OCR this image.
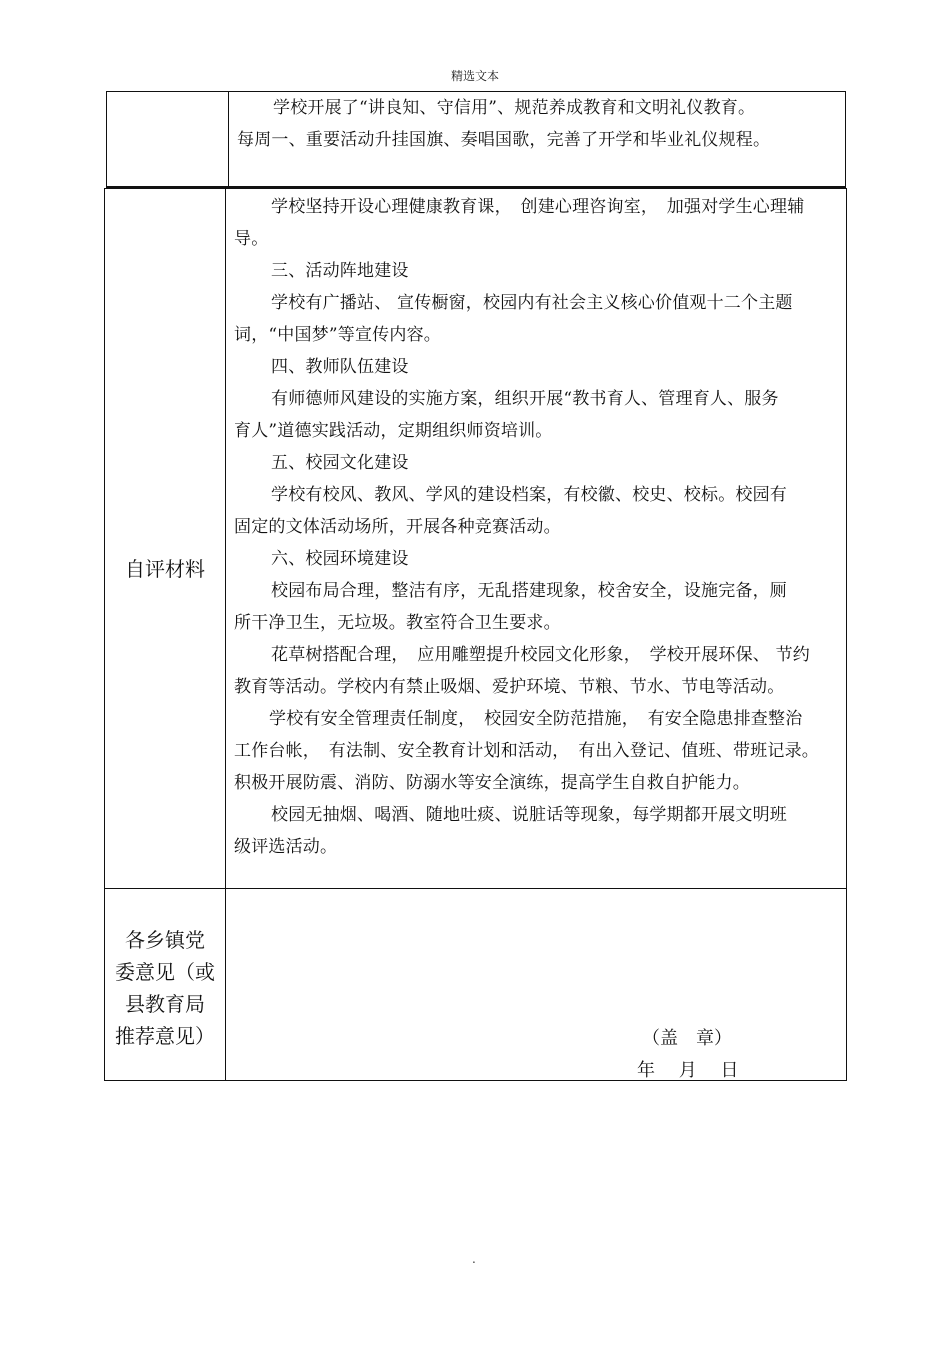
精选文本
学校开展了“讲良知、守信用”、规范养成教育和文明礼仪教育。
每周一、重要活动升挂国旗、奏唱国歌，完善了开学和毕业礼仪规程。
自评材料
学校坚持开设心理健康教育课，　创建心理咨询室，　加强对学生心理辅
导。
三、活动阵地建设
学校有广播站、 宣传橱窗，校园内有社会主义核心价值观十二个主题
词，“中国梦”等宣传内容。
四、教师队伍建设
有师德师风建设的实施方案，组织开展“教书育人、管理育人、服务
育人”道德实践活动，定期组织师资培训。
五、校园文化建设
学校有校风、教风、学风的建设档案，有校徽、校史、校标。校园有
固定的文体活动场所，开展各种竞赛活动。
六、校园环境建设
校园布局合理，整洁有序，无乱搭建现象，校舍安全，设施完备，厕
所干净卫生，无垃圾。教室符合卫生要求。
花草树搭配合理，　应用雕塑提升校园文化形象，　学校开展环保、 节约
教育等活动。学校内有禁止吸烟、爱护环境、节粮、节水、节电等活动。
学校有安全管理责任制度，　校园安全防范措施，　有安全隐患排查整治
工作台帐，　有法制、安全教育计划和活动，　有出入登记、值班、带班记录。
积极开展防震、消防、防溺水等安全演练，提高学生自救自护能力。
校园无抽烟、喝酒、随地吐痰、说脏话等现象，每学期都开展文明班
级评选活动。
各乡镇党
委意见（或
县教育局
推荐意见）	（盖　章）
年　 月　 日
.
